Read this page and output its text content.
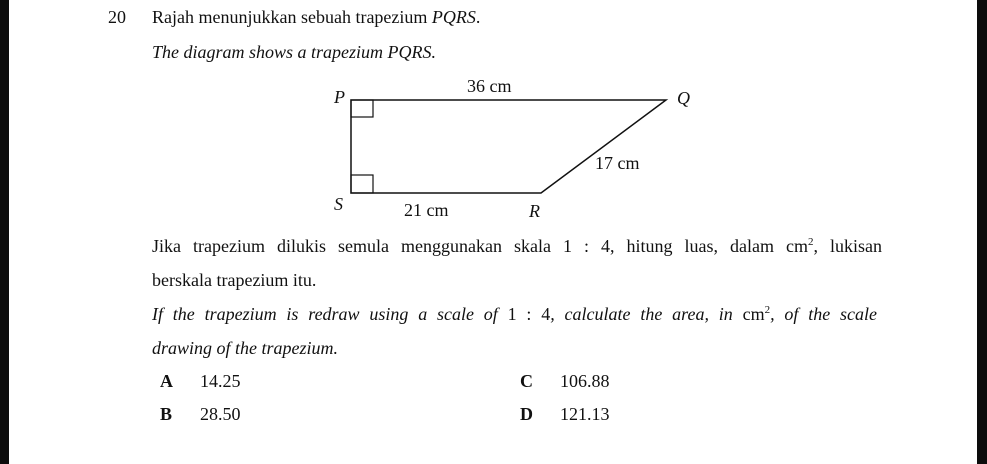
20 Rajah menunjukkan sebuah trapezium PQRS.
The diagram shows a trapezium PQRS.
P	Q
R
S
36 cm
17 cm
21 cm
Jika trapezium dilukis semula menggunakan skala 1 : 4, hitung luas, dalam $cm^2$, lukisan
berskala trapezium itu.
If the trapezium is redraw using a scale of 1 : 4, calculate the area, in $cm^2$, of the scale
drawing of the trapezium.
A 14.25
B 28.50
C 106.88
D 121.13
